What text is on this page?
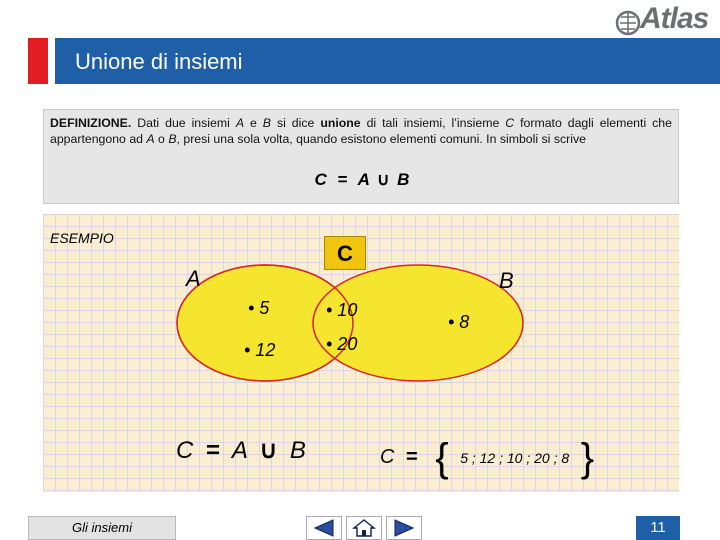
Unione di insiemi
Atlas
DEFINIZIONE. Dati due insiemi A e B si dice unione di tali insiemi, l’insieme C formato dagli elementi che appartengono ad A o B, presi una sola volta, quando esistono elementi comuni. In simboli si scrive
C = A ∪ B
ESEMPIO
C
A	B
• 5	• 10
• 8
• 12	• 20
C = A ∪ B	C = { 5 ; 12 ; 10 ; 20 ; 8 }
Gli insiemi	11
